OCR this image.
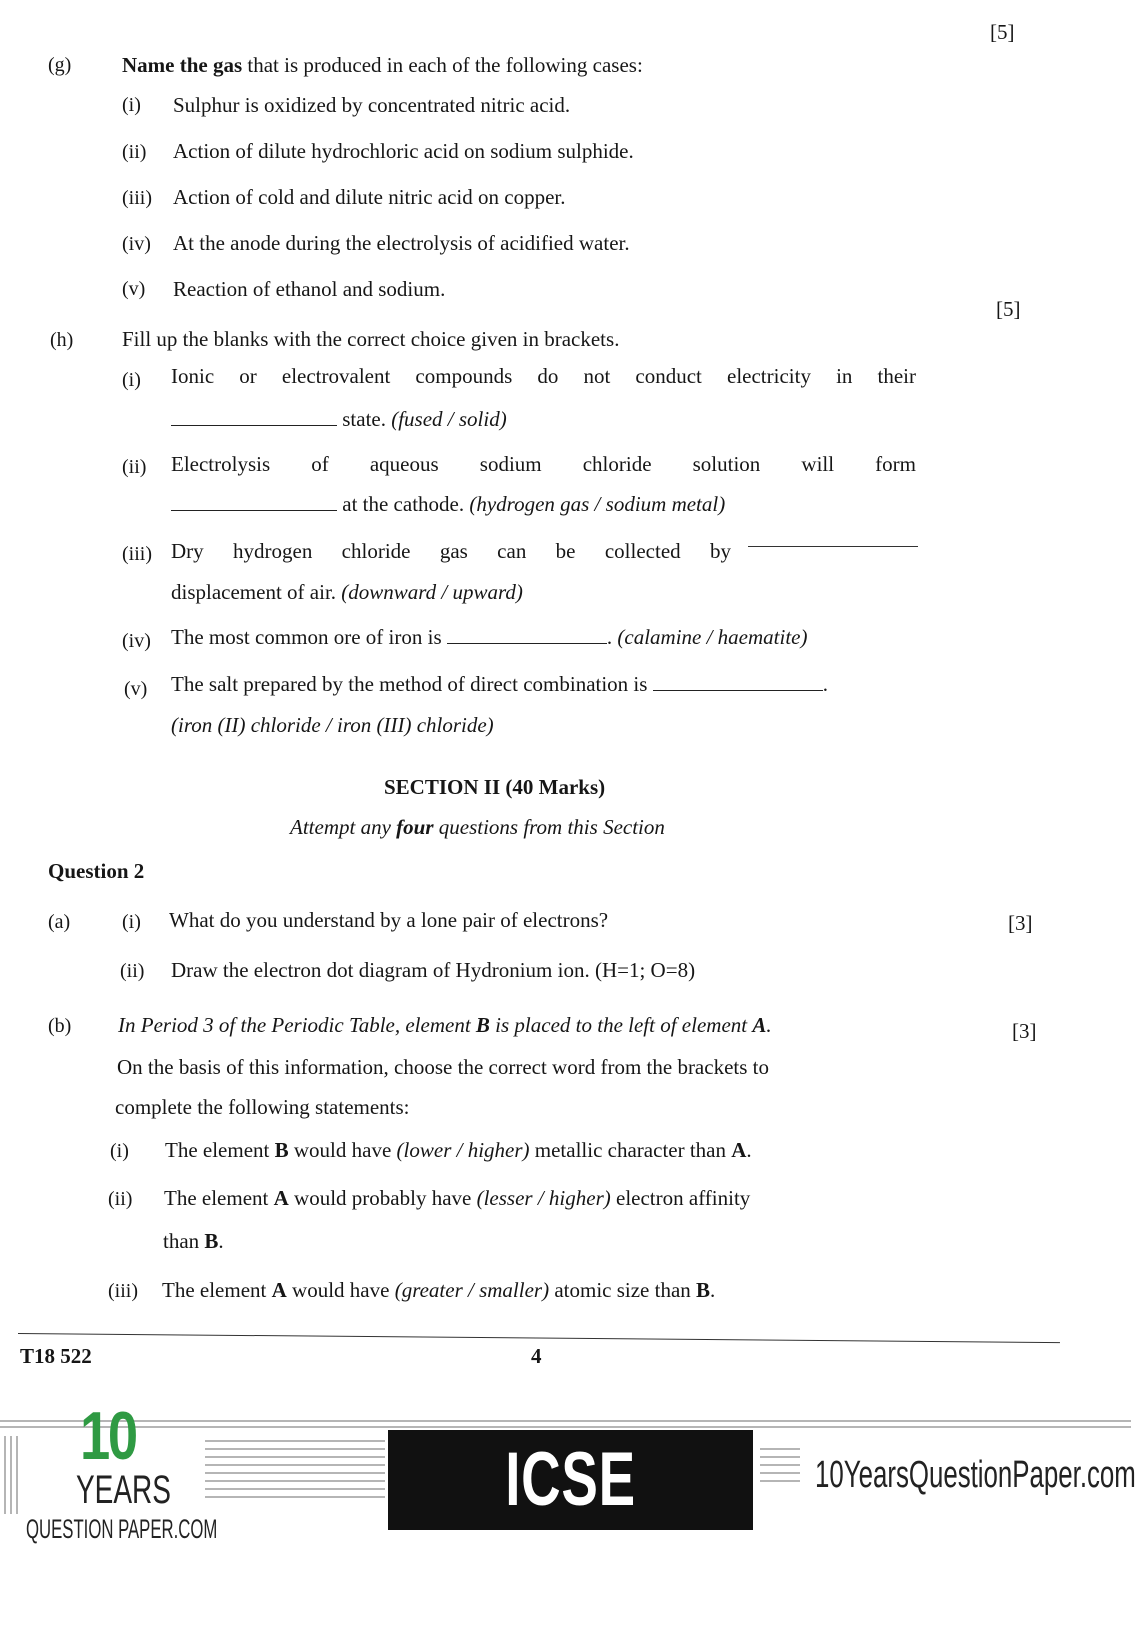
[5]
(g) Name the gas that is produced in each of the following cases:
(i) Sulphur is oxidized by concentrated nitric acid.
(ii) Action of dilute hydrochloric acid on sodium sulphide.
(iii) Action of cold and dilute nitric acid on copper.
(iv) At the anode during the electrolysis of acidified water.
(v) Reaction of ethanol and sodium.
[5]
(h) Fill up the blanks with the correct choice given in brackets.
(i) Ionic or electrovalent compounds do not conduct electricity in their
state. (fused / solid)
(ii) Electrolysis of aqueous sodium chloride solution will form
at the cathode. (hydrogen gas / sodium metal)
(iii) Dry hydrogen chloride gas can be collected by
displacement of air. (downward / upward)
(iv) The most common ore of iron is	. (calamine / haematite)
(v) The salt prepared by the method of direct combination is	.
(iron (II) chloride / iron (III) chloride)
SECTION II (40 Marks)
Attempt any four questions from this Section
Question 2
(a)	(i) What do you understand by a lone pair of electrons?	[3]
(ii) Draw the electron dot diagram of Hydronium ion. (H=1; O=8)
(b) In Period 3 of the Periodic Table, element B is placed to the left of element A.	[3]
On the basis of this information, choose the correct word from the brackets to
complete the following statements:
(i) The element B would have (lower / higher) metallic character than A.
(ii) The element A would probably have (lesser / higher) electron affinity
than B.
(iii) The element A would have (greater / smaller) atomic size than B.
T18 522	4
10
YEARS
QUESTION PAPER.COM
ICSE BOARD X
10YearsQuestionPaper.com
